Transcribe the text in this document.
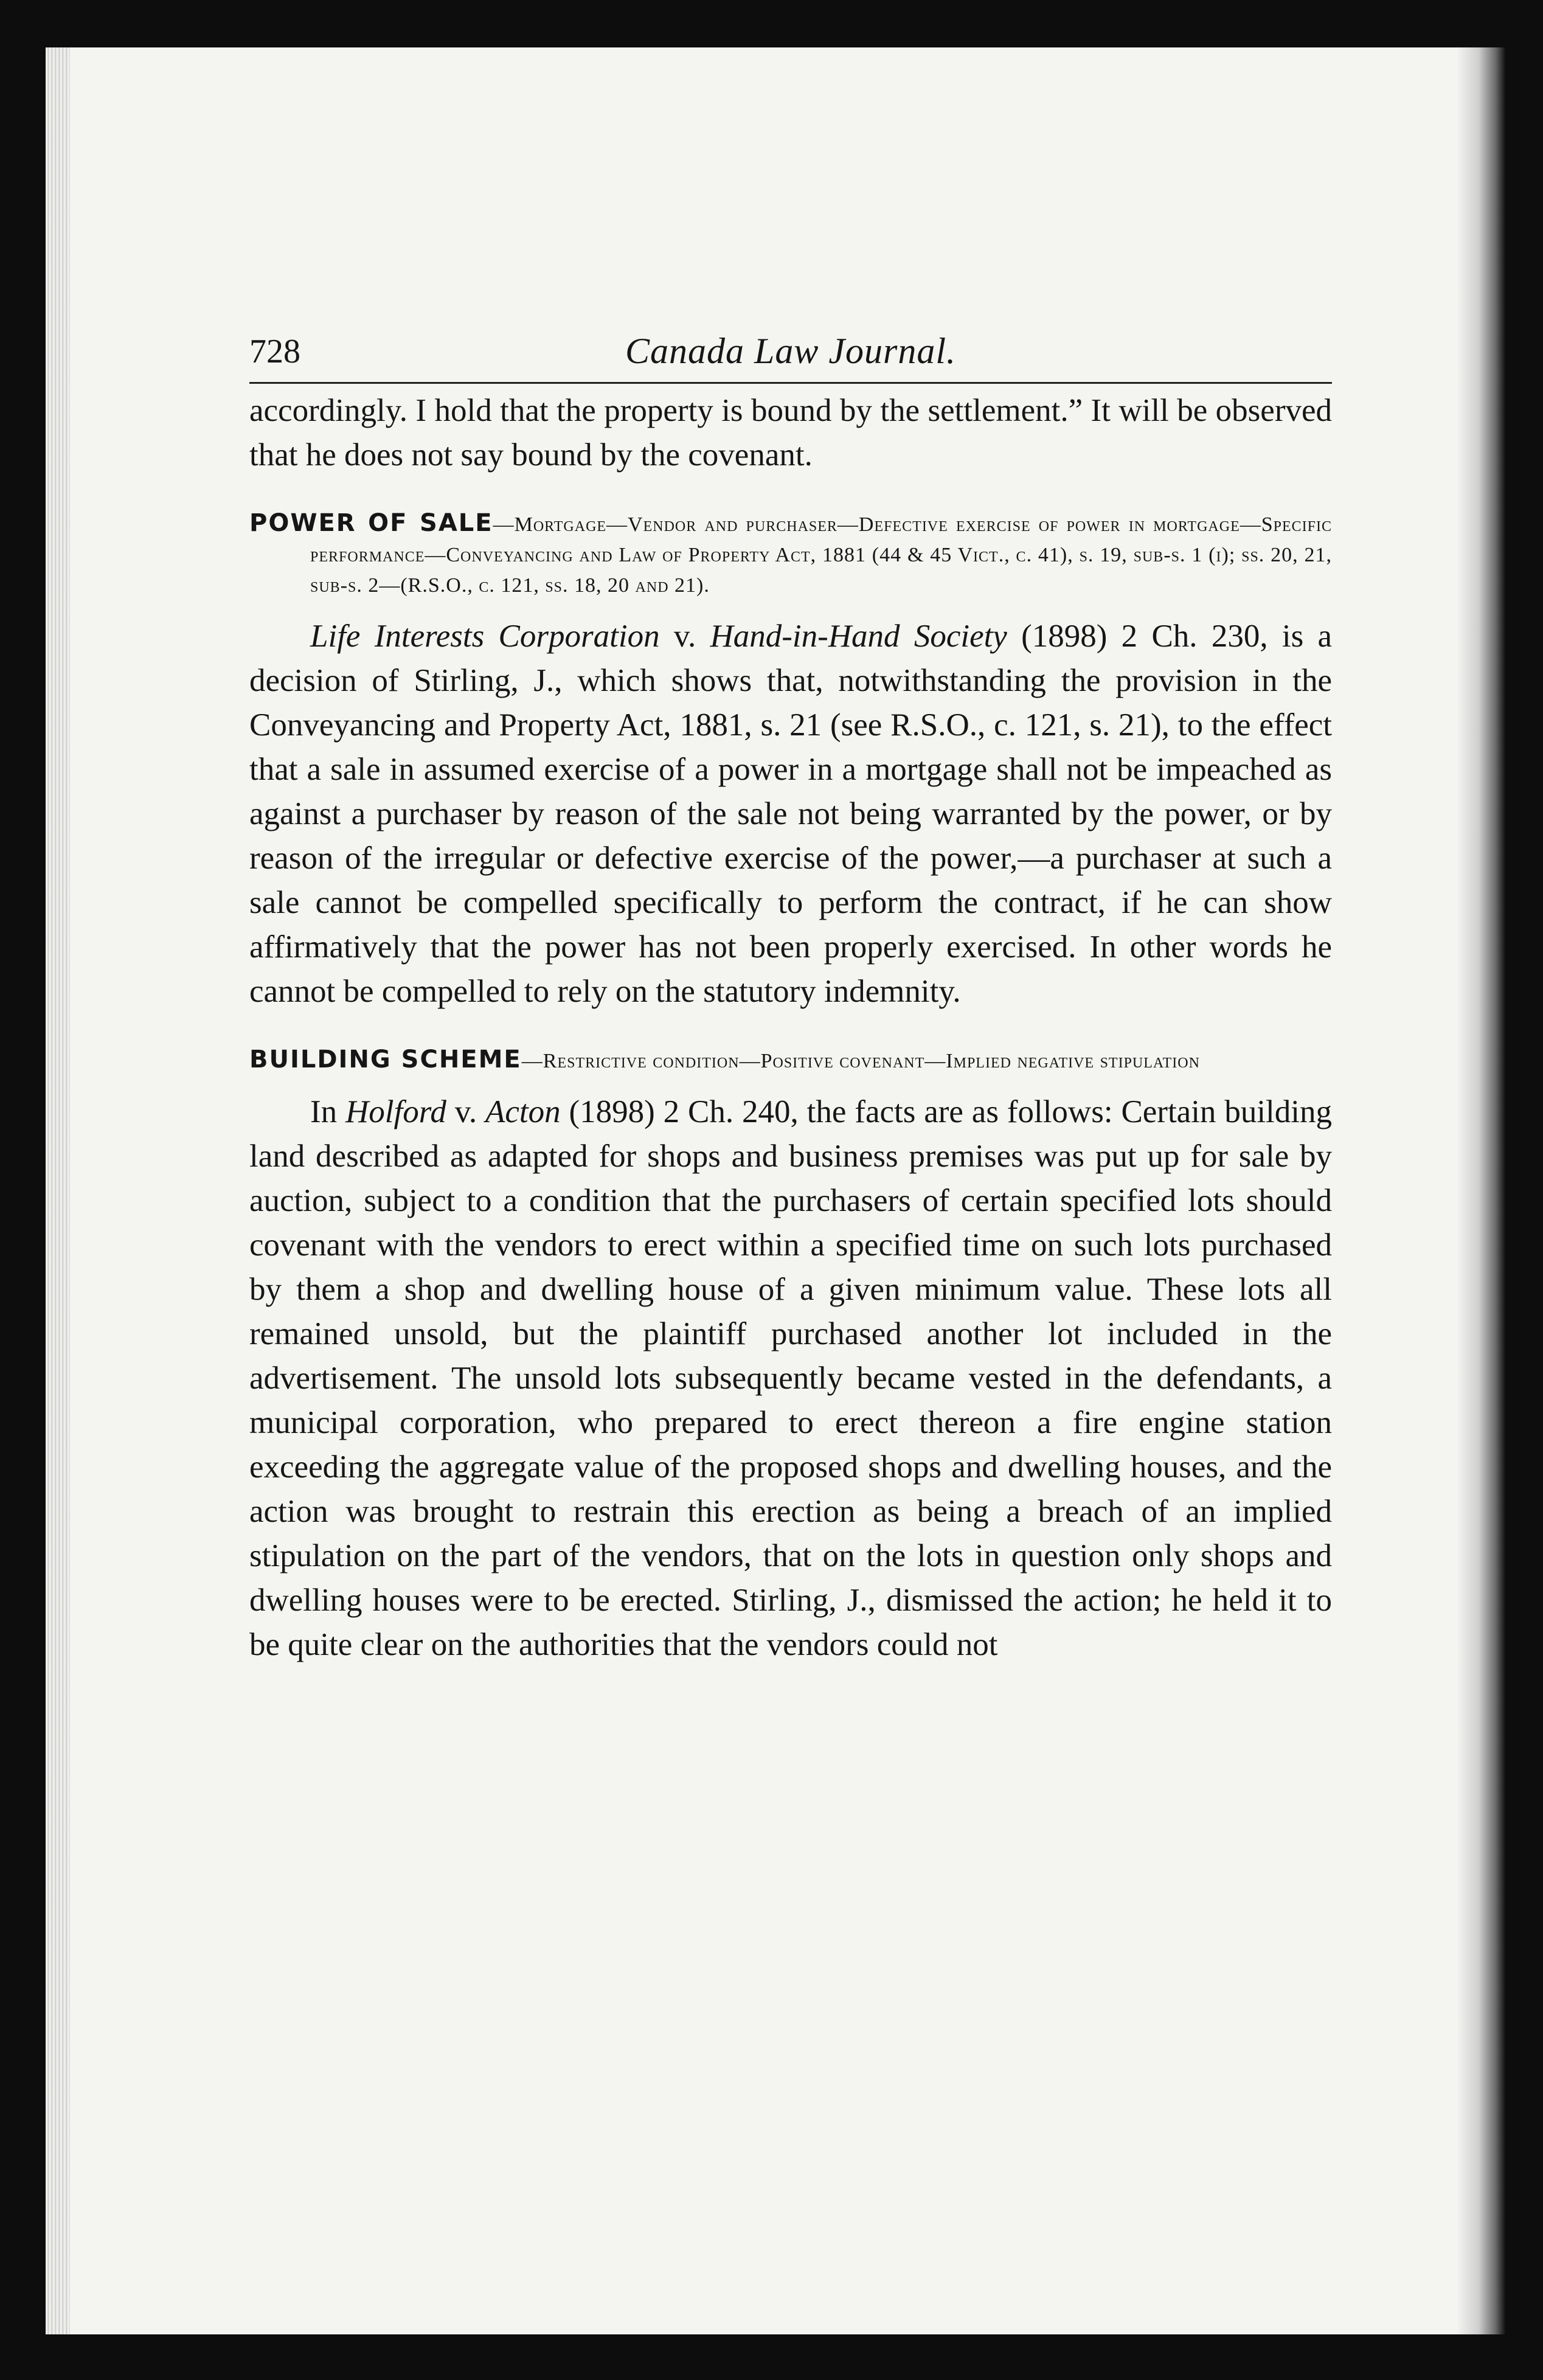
728	Canada Law Journal.

accordingly. I hold that the property is bound by the settlement.” It will be observed that he does not say bound by the covenant.

POWER OF SALE—Mortgage—Vendor and purchaser—Defective exercise of power in mortgage—Specific performance—Conveyancing and Law of Property Act, 1881 (44 & 45 Vict., c. 41), s. 19, sub-s. 1 (i); ss. 20, 21, sub-s. 2—(R.S.O., c. 121, ss. 18, 20 and 21).

Life Interests Corporation v. Hand-in-Hand Society (1898) 2 Ch. 230, is a decision of Stirling, J., which shows that, notwithstanding the provision in the Conveyancing and Property Act, 1881, s. 21 (see R.S.O., c. 121, s. 21), to the effect that a sale in assumed exercise of a power in a mortgage shall not be impeached as against a purchaser by reason of the sale not being warranted by the power, or by reason of the irregular or defective exercise of the power,—a purchaser at such a sale cannot be compelled specifically to perform the contract, if he can show affirmatively that the power has not been properly exercised. In other words he cannot be compelled to rely on the statutory indemnity.

BUILDING SCHEME—Restrictive condition—Positive covenant—Implied negative stipulation

In Holford v. Acton (1898) 2 Ch. 240, the facts are as follows: Certain building land described as adapted for shops and business premises was put up for sale by auction, subject to a condition that the purchasers of certain specified lots should covenant with the vendors to erect within a specified time on such lots purchased by them a shop and dwelling house of a given minimum value. These lots all remained unsold, but the plaintiff purchased another lot included in the advertisement. The unsold lots subsequently became vested in the defendants, a municipal corporation, who prepared to erect thereon a fire engine station exceeding the aggregate value of the proposed shops and dwelling houses, and the action was brought to restrain this erection as being a breach of an implied stipulation on the part of the vendors, that on the lots in question only shops and dwelling houses were to be erected. Stirling, J., dismissed the action; he held it to be quite clear on the authorities that the vendors could not
